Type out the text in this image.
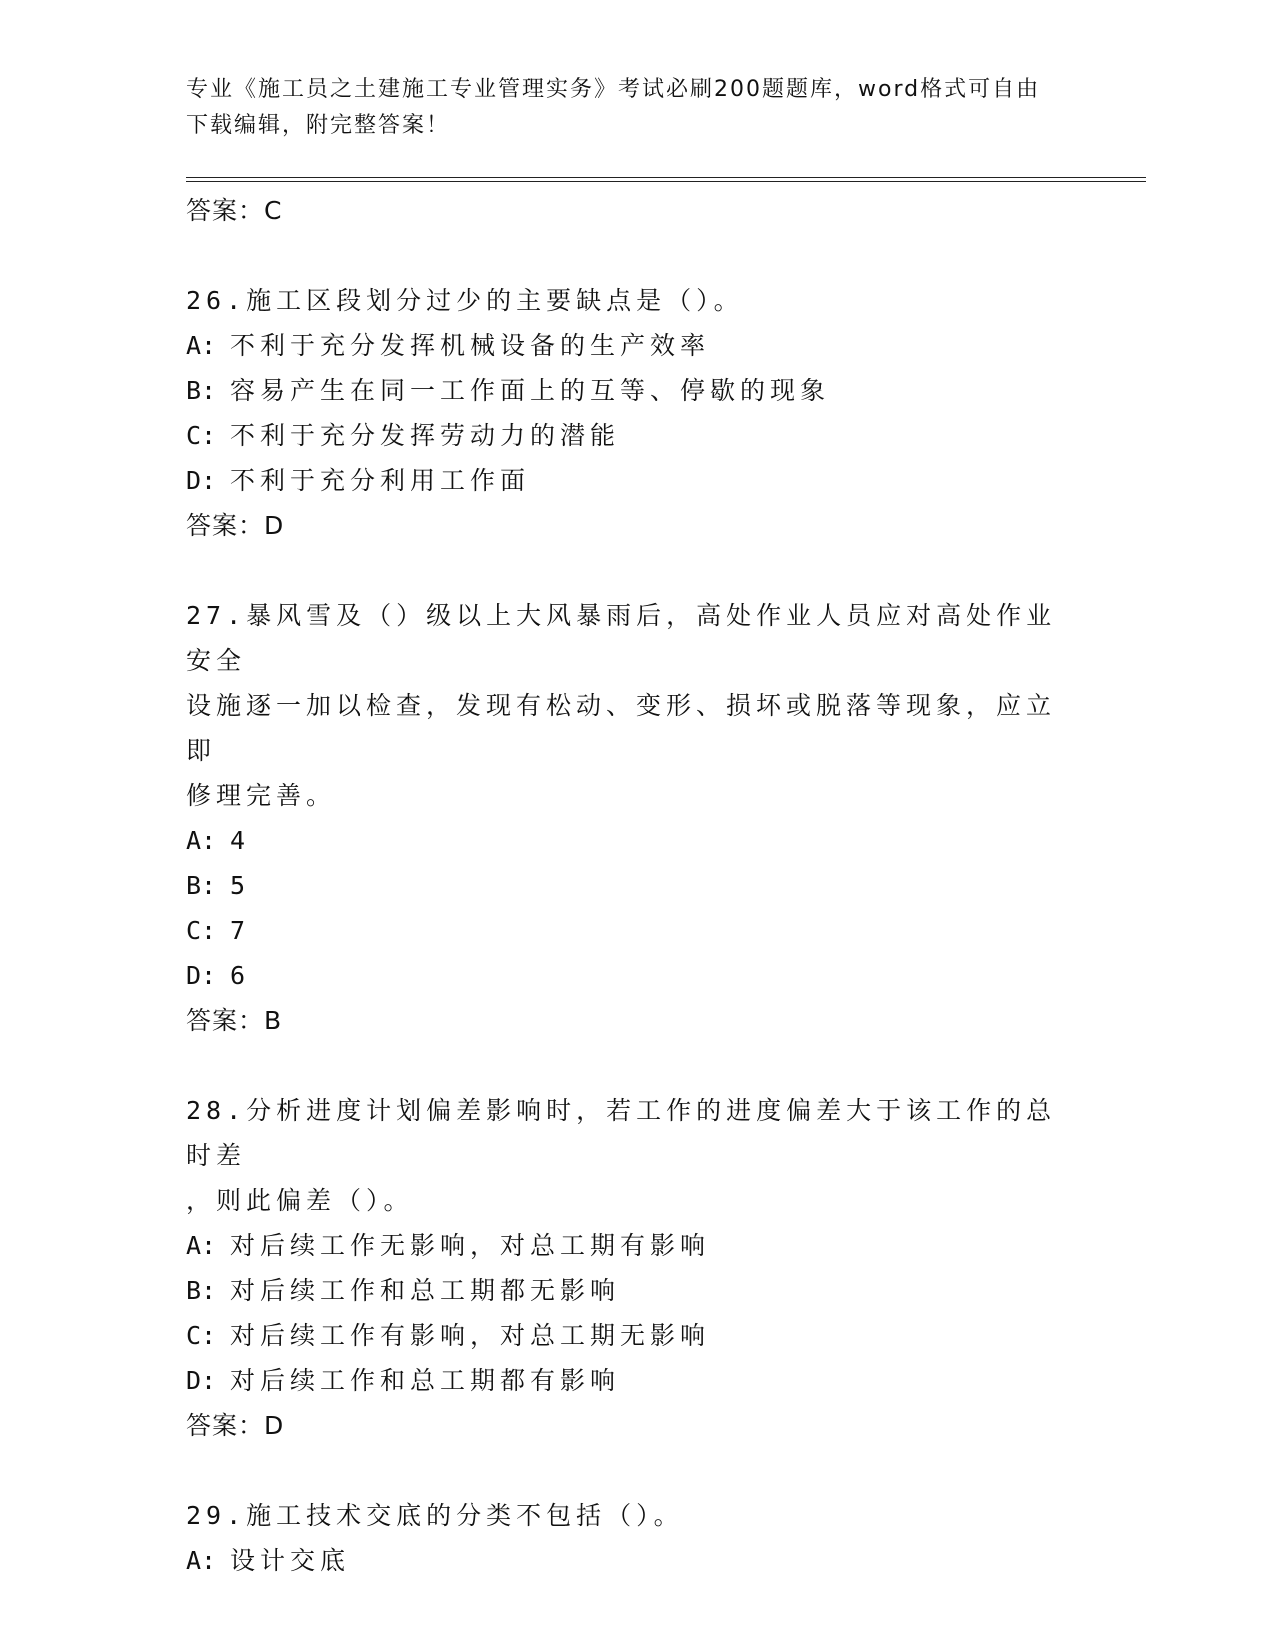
专业《施工员之土建施工专业管理实务》考试必刷200题题库，word格式可自由
下载编辑，附完整答案！
答案：C
26.施工区段划分过少的主要缺点是（）。
A: 不利于充分发挥机械设备的生产效率
B: 容易产生在同一工作面上的互等、停歇的现象
C: 不利于充分发挥劳动力的潜能
D: 不利于充分利用工作面
答案：D
27.暴风雪及（）级以上大风暴雨后，高处作业人员应对高处作业安全
设施逐一加以检查，发现有松动、变形、损坏或脱落等现象，应立即
修理完善。
A: 4
B: 5
C: 7
D: 6
答案：B
28.分析进度计划偏差影响时，若工作的进度偏差大于该工作的总时差
，则此偏差（）。
A: 对后续工作无影响，对总工期有影响
B: 对后续工作和总工期都无影响
C: 对后续工作有影响，对总工期无影响
D: 对后续工作和总工期都有影响
答案：D
29.施工技术交底的分类不包括（）。
A: 设计交底
